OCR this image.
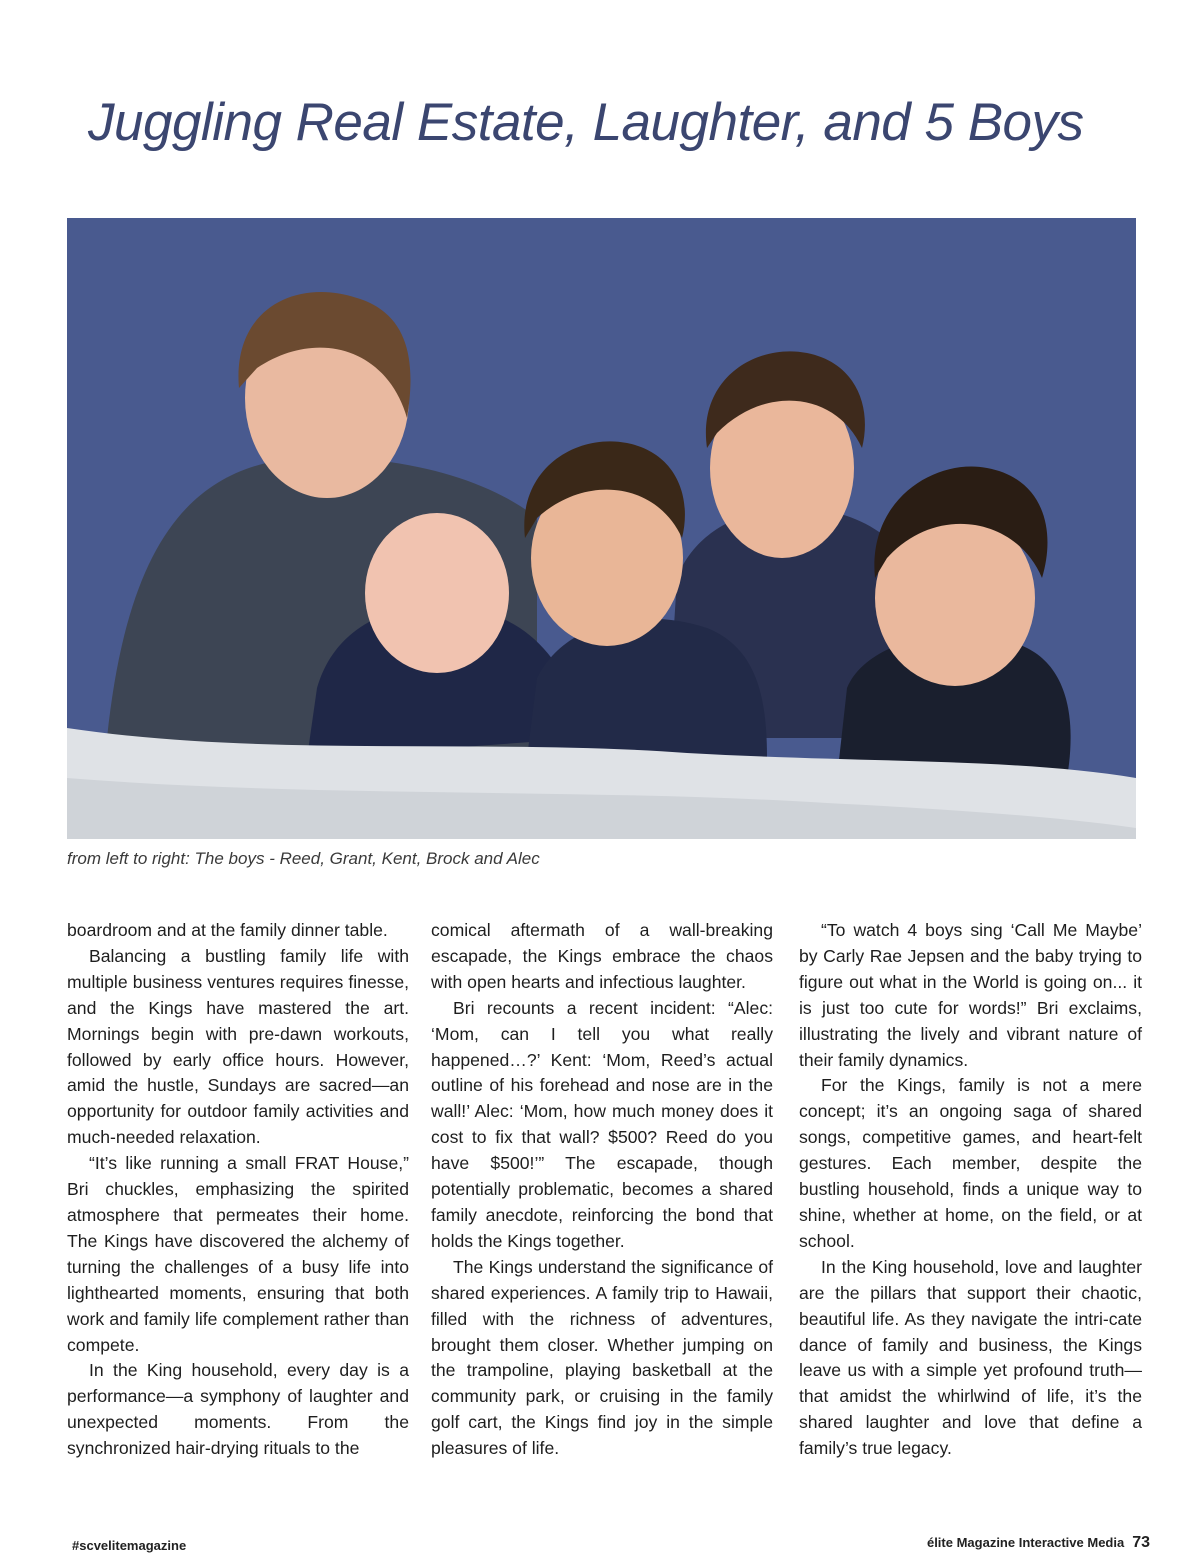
Juggling Real Estate, Laughter, and 5 Boys

from left to right: The boys - Reed, Grant, Kent, Brock and Alec

boardroom and at the family dinner table.

Balancing a bustling family life with multiple business ventures requires finesse, and the Kings have mastered the art. Mornings begin with pre-dawn workouts, followed by early office hours. However, amid the hustle, Sundays are sacred—an opportunity for outdoor family activities and much-needed relaxation.

“It’s like running a small FRAT House,” Bri chuckles, emphasizing the spirited atmosphere that permeates their home. The Kings have discovered the alchemy of turning the challenges of a busy life into lighthearted moments, ensuring that both work and family life complement rather than compete.

In the King household, every day is a performance—a symphony of laughter and unexpected moments. From the synchronized hair-drying rituals to the

comical aftermath of a wall-breaking escapade, the Kings embrace the chaos with open hearts and infectious laughter.

Bri recounts a recent incident: “Alec: ‘Mom, can I tell you what really happened…?’ Kent: ‘Mom, Reed’s actual outline of his forehead and nose are in the wall!’ Alec: ‘Mom, how much money does it cost to fix that wall? $500? Reed do you have $500!’” The escapade, though potentially problematic, becomes a shared family anecdote, reinforcing the bond that holds the Kings together.

The Kings understand the significance of shared experiences. A family trip to Hawaii, filled with the richness of adventures, brought them closer. Whether jumping on the trampoline, playing basketball at the community park, or cruising in the family golf cart, the Kings find joy in the simple pleasures of life.

“To watch 4 boys sing ‘Call Me Maybe’ by Carly Rae Jepsen and the baby trying to figure out what in the World is going on... it is just too cute for words!” Bri exclaims, illustrating the lively and vibrant nature of their family dynamics.

For the Kings, family is not a mere concept; it’s an ongoing saga of shared songs, competitive games, and heart-felt gestures. Each member, despite the bustling household, finds a unique way to shine, whether at home, on the field, or at school.

In the King household, love and laughter are the pillars that support their chaotic, beautiful life. As they navigate the intri-cate dance of family and business, the Kings leave us with a simple yet profound truth—that amidst the whirlwind of life, it’s the shared laughter and love that define a family’s true legacy.

#scvelitemagazine	élite Magazine Interactive Media 73
